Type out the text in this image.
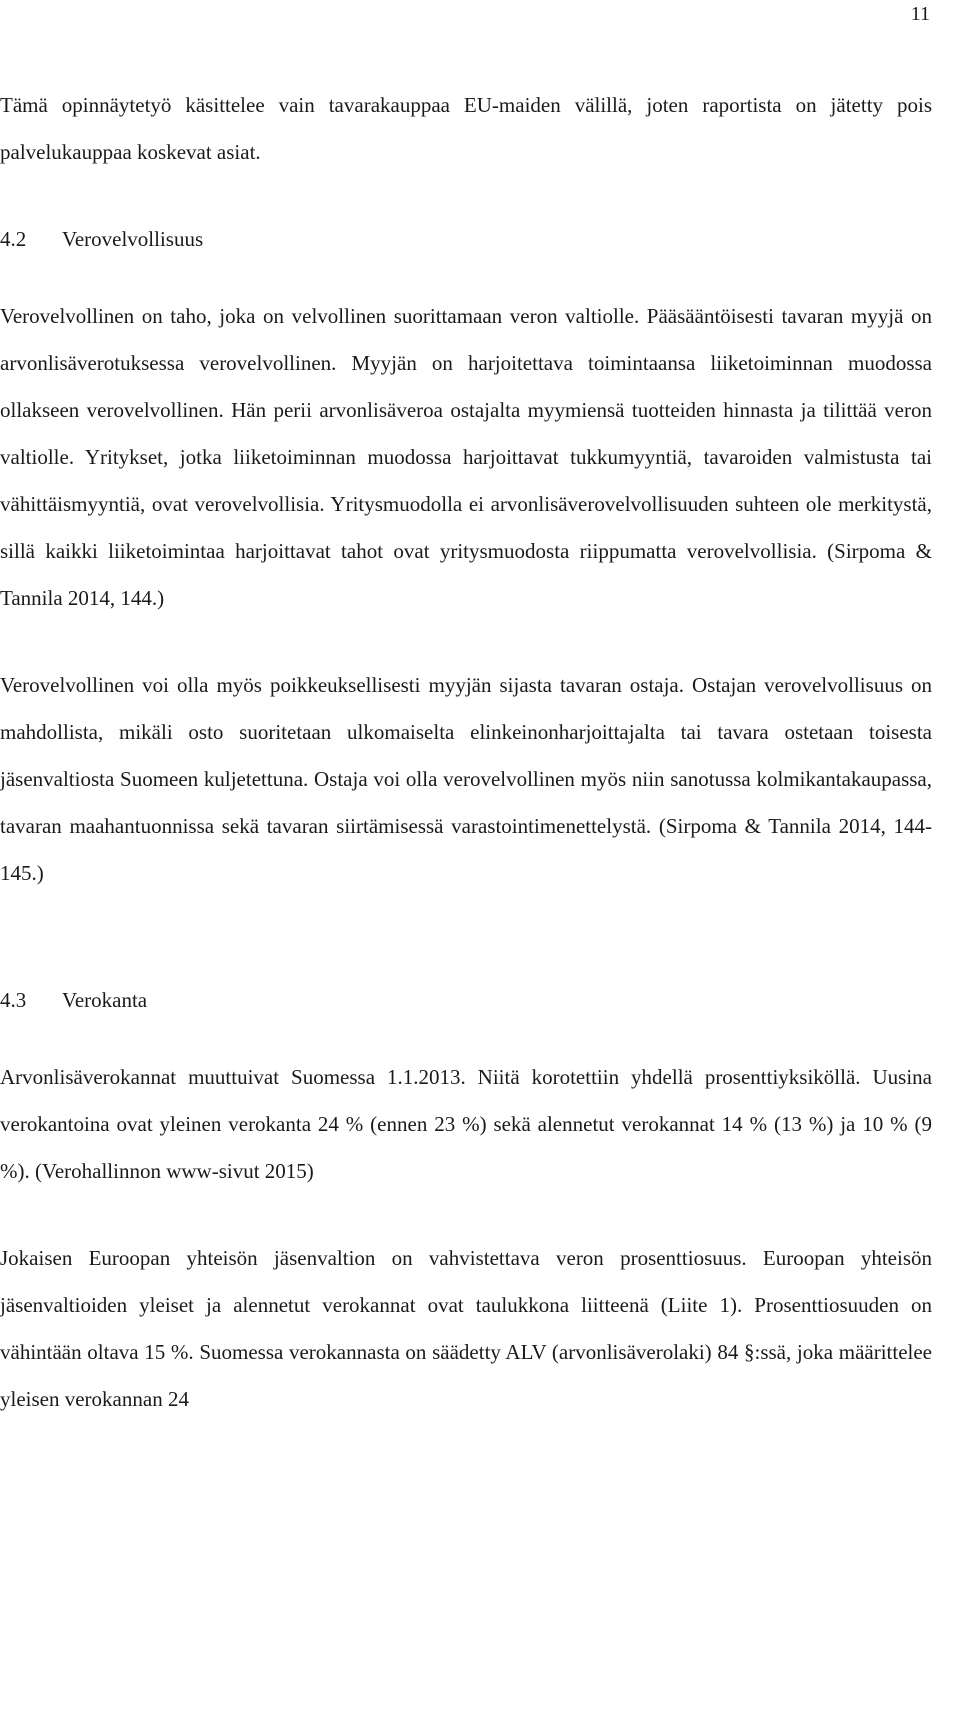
11

Tämä opinnäytetyö käsittelee vain tavarakauppaa EU-maiden välillä, joten raportista on jätetty pois palvelukauppaa koskevat asiat.

4.2 Verovelvollisuus

Verovelvollinen on taho, joka on velvollinen suorittamaan veron valtiolle. Pääsääntöisesti tavaran myyjä on arvonlisäverotuksessa verovelvollinen. Myyjän on harjoitettava toimintaansa liiketoiminnan muodossa ollakseen verovelvollinen. Hän perii arvonlisäveroa ostajalta myymiensä tuotteiden hinnasta ja tilittää veron valtiolle. Yritykset, jotka liiketoiminnan muodossa harjoittavat tukkumyyntiä, tavaroiden valmistusta tai vähittäismyyntiä, ovat verovelvollisia. Yritysmuodolla ei arvonlisäverovelvollisuuden suhteen ole merkitystä, sillä kaikki liiketoimintaa harjoittavat tahot ovat yritysmuodosta riippumatta verovelvollisia. (Sirpoma & Tannila 2014, 144.)

Verovelvollinen voi olla myös poikkeuksellisesti myyjän sijasta tavaran ostaja. Ostajan verovelvollisuus on mahdollista, mikäli osto suoritetaan ulkomaiselta elinkeinonharjoittajalta tai tavara ostetaan toisesta jäsenvaltiosta Suomeen kuljetettuna. Ostaja voi olla verovelvollinen myös niin sanotussa kolmikantakaupassa, tavaran maahantuonnissa sekä tavaran siirtämisessä varastointimenettelystä. (Sirpoma & Tannila 2014, 144-145.)

4.3 Verokanta

Arvonlisäverokannat muuttuivat Suomessa 1.1.2013. Niitä korotettiin yhdellä prosenttiyksiköllä. Uusina verokantoina ovat yleinen verokanta 24 % (ennen 23 %) sekä alennetut verokannat 14 % (13 %) ja 10 % (9 %). (Verohallinnon www-sivut 2015)

Jokaisen Euroopan yhteisön jäsenvaltion on vahvistettava veron prosenttiosuus. Euroopan yhteisön jäsenvaltioiden yleiset ja alennetut verokannat ovat taulukkona liitteenä (Liite 1). Prosenttiosuuden on vähintään oltava 15 %. Suomessa verokannasta on säädetty ALV (arvonlisäverolaki) 84 §:ssä, joka määrittelee yleisen verokannan 24
